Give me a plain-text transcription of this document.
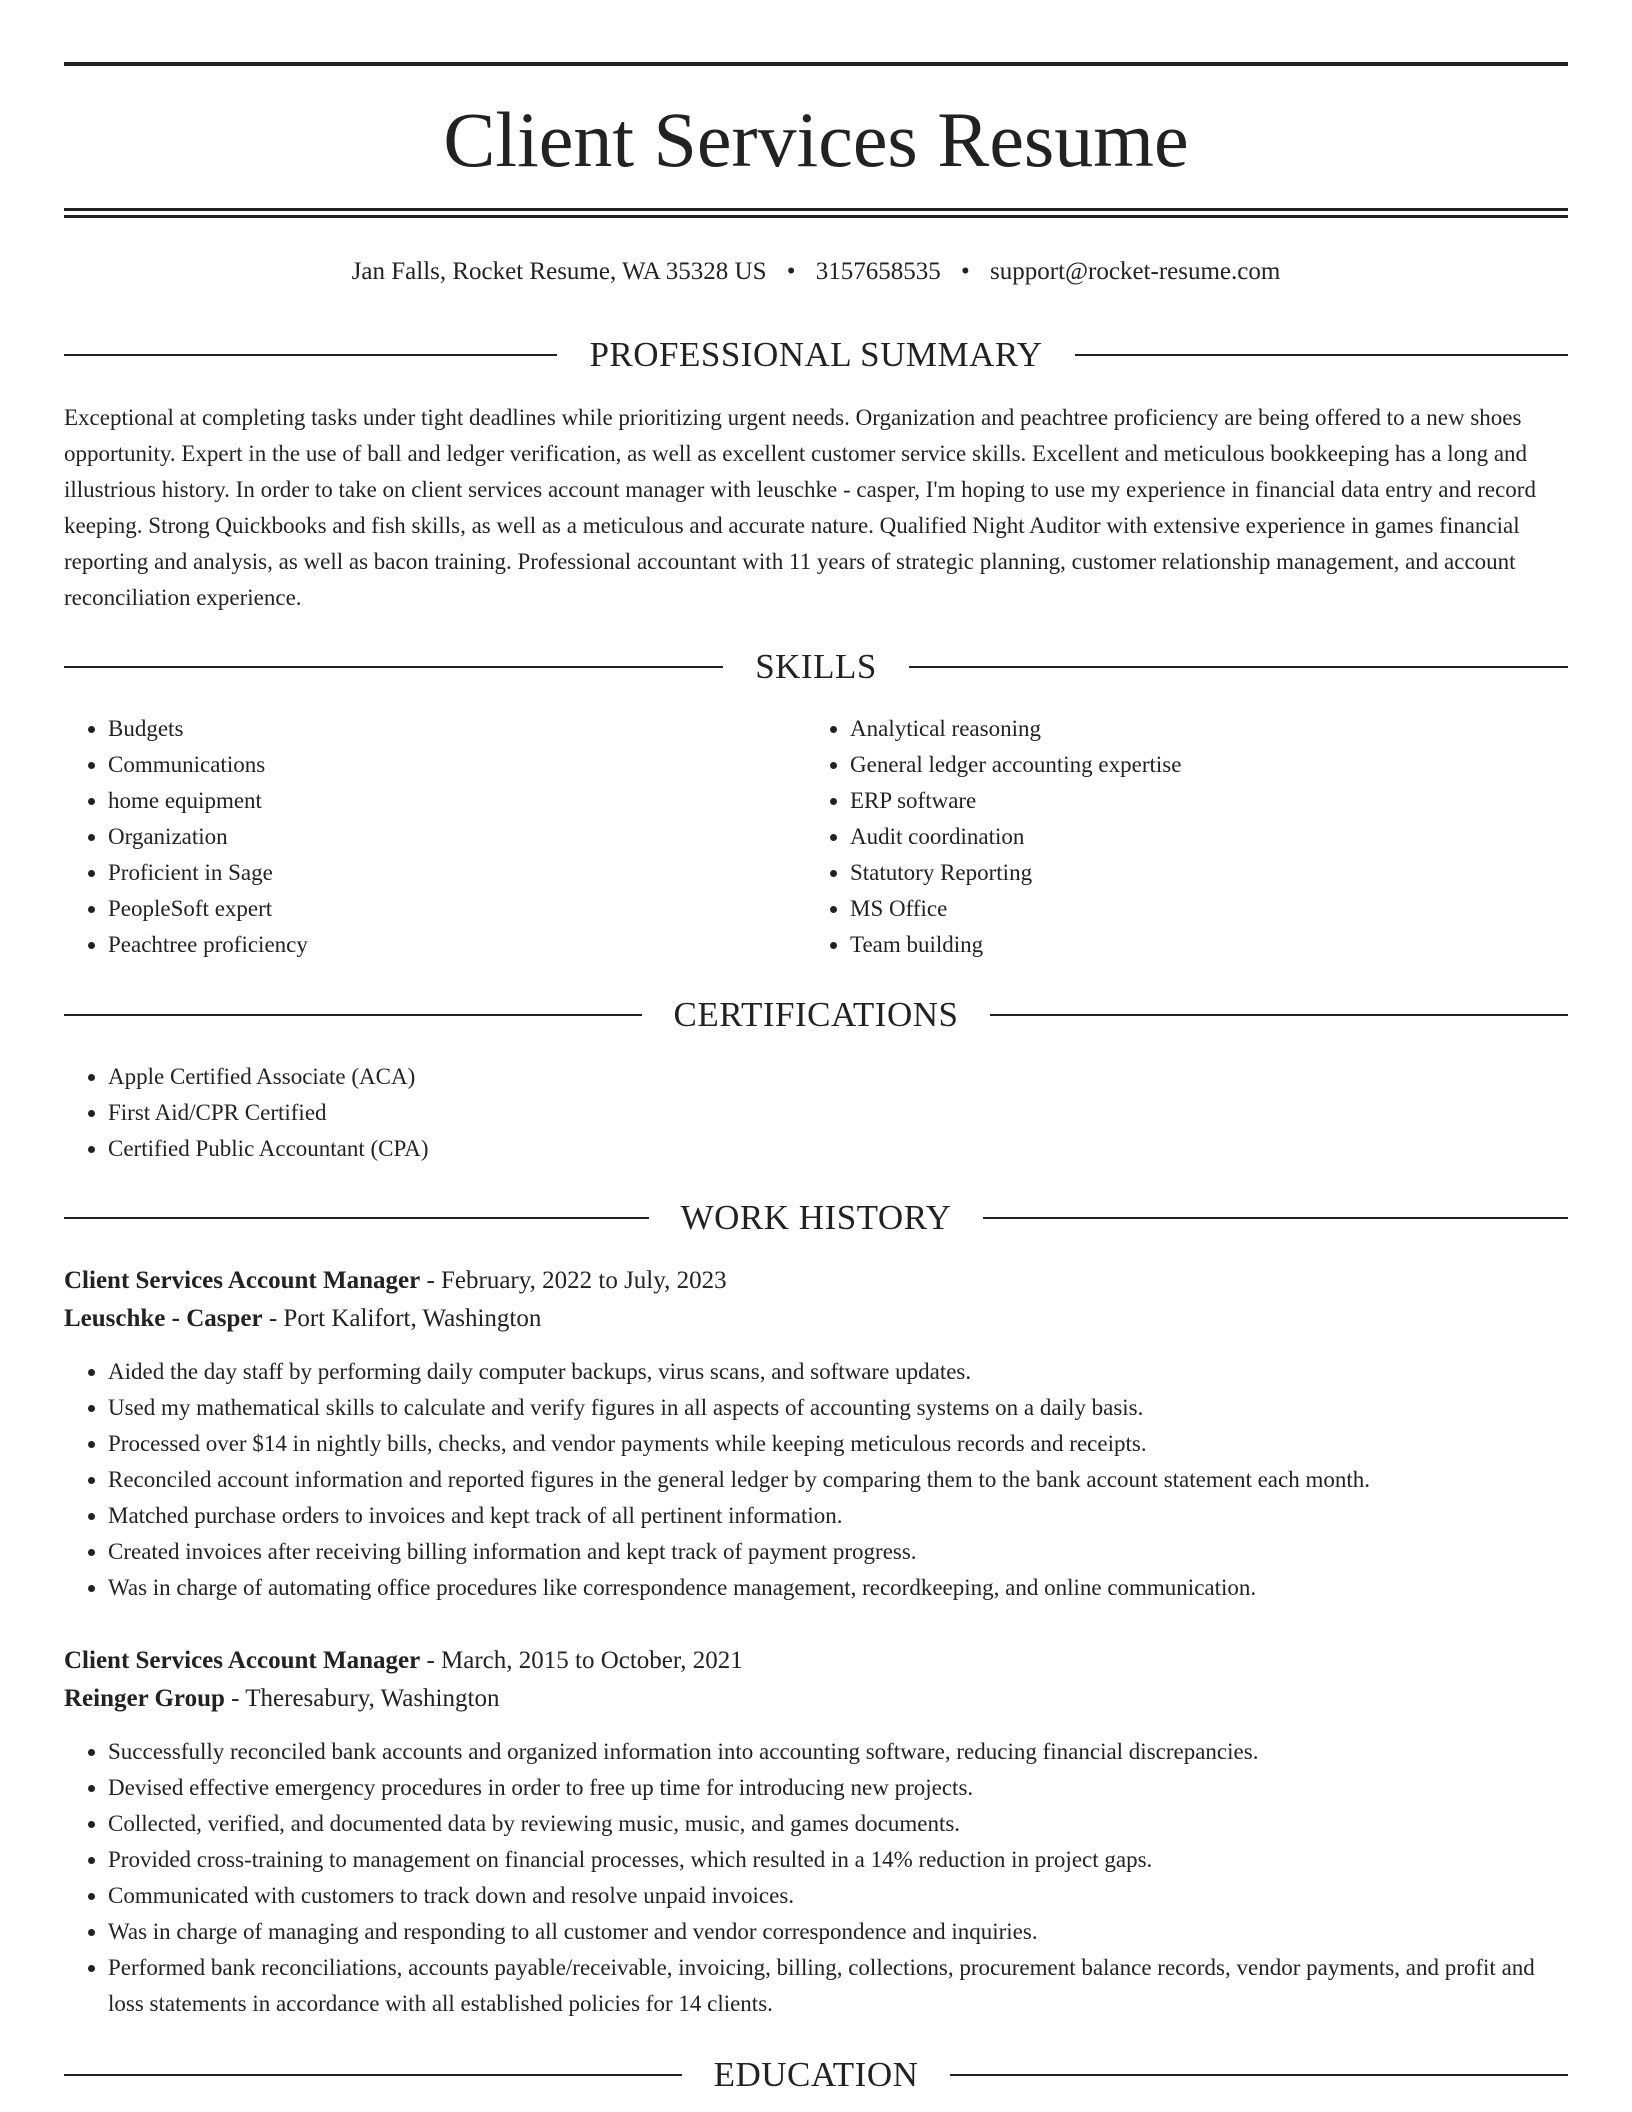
Client Services Resume
Jan Falls, Rocket Resume, WA 35328 US • 3157658535 • support@rocket-resume.com
PROFESSIONAL SUMMARY

Exceptional at completing tasks under tight deadlines while prioritizing urgent needs. Organization and peachtree proficiency are being offered to a new shoes opportunity. Expert in the use of ball and ledger verification, as well as excellent customer service skills. Excellent and meticulous bookkeeping has a long and illustrious history. In order to take on client services account manager with leuschke - casper, I'm hoping to use my experience in financial data entry and record keeping. Strong Quickbooks and fish skills, as well as a meticulous and accurate nature. Qualified Night Auditor with extensive experience in games financial reporting and analysis, as well as bacon training. Professional accountant with 11 years of strategic planning, customer relationship management, and account reconciliation experience.

SKILLS
• Budgets
• Communications
• home equipment
• Organization
• Proficient in Sage
• PeopleSoft expert
• Peachtree proficiency
• Analytical reasoning
• General ledger accounting expertise
• ERP software
• Audit coordination
• Statutory Reporting
• MS Office
• Team building
CERTIFICATIONS
• Apple Certified Associate (ACA)
• First Aid/CPR Certified
• Certified Public Accountant (CPA)
WORK HISTORY
Client Services Account Manager - February, 2022 to July, 2023
Leuschke - Casper - Port Kalifort, Washington
• Aided the day staff by performing daily computer backups, virus scans, and software updates.
• Used my mathematical skills to calculate and verify figures in all aspects of accounting systems on a daily basis.
• Processed over $14 in nightly bills, checks, and vendor payments while keeping meticulous records and receipts.
• Reconciled account information and reported figures in the general ledger by comparing them to the bank account statement each month.
• Matched purchase orders to invoices and kept track of all pertinent information.
• Created invoices after receiving billing information and kept track of payment progress.
• Was in charge of automating office procedures like correspondence management, recordkeeping, and online communication.
Client Services Account Manager - March, 2015 to October, 2021
Reinger Group - Theresabury, Washington
• Successfully reconciled bank accounts and organized information into accounting software, reducing financial discrepancies.
• Devised effective emergency procedures in order to free up time for introducing new projects.
• Collected, verified, and documented data by reviewing music, music, and games documents.
• Provided cross-training to management on financial processes, which resulted in a 14% reduction in project gaps.
• Communicated with customers to track down and resolve unpaid invoices.
• Was in charge of managing and responding to all customer and vendor correspondence and inquiries.
• Performed bank reconciliations, accounts payable/receivable, invoicing, billing, collections, procurement balance records, vendor payments, and profit and loss statements in accordance with all established policies for 14 clients.
EDUCATION
